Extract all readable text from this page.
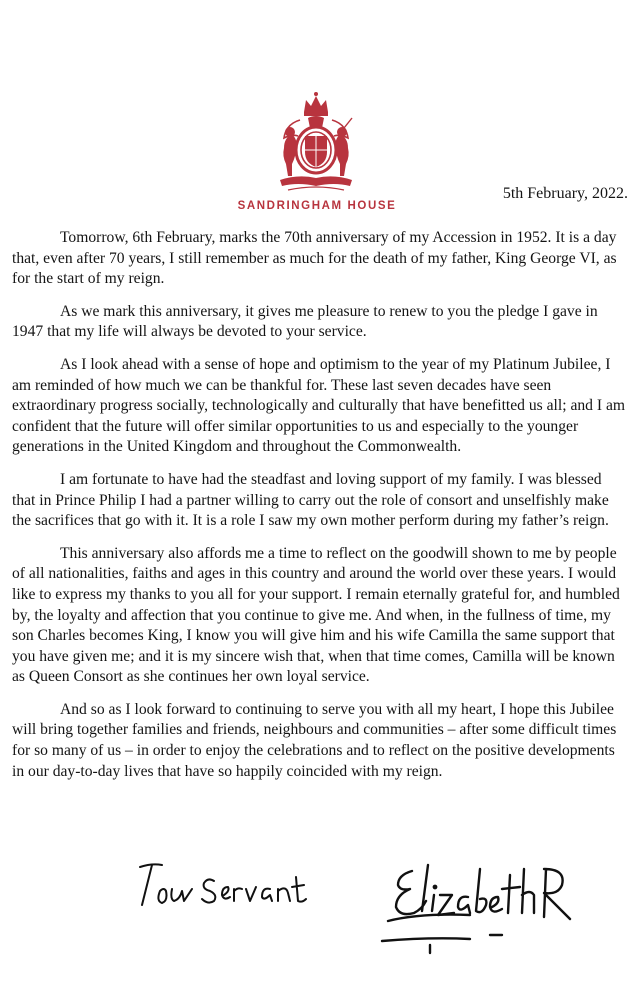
SANDRINGHAM HOUSE
5th February, 2022.

Tomorrow, 6th February, marks the 70th anniversary of my Accession in 1952. It is a day that, even after 70 years, I still remember as much for the death of my father, King George VI, as for the start of my reign.

As we mark this anniversary, it gives me pleasure to renew to you the pledge I gave in 1947 that my life will always be devoted to your service.

As I look ahead with a sense of hope and optimism to the year of my Platinum Jubilee, I am reminded of how much we can be thankful for. These last seven decades have seen extraordinary progress socially, technologically and culturally that have benefitted us all; and I am confident that the future will offer similar opportunities to us and especially to the younger generations in the United Kingdom and throughout the Commonwealth.

I am fortunate to have had the steadfast and loving support of my family. I was blessed that in Prince Philip I had a partner willing to carry out the role of consort and unselfishly make the sacrifices that go with it. It is a role I saw my own mother perform during my father’s reign.

This anniversary also affords me a time to reflect on the goodwill shown to me by people of all nationalities, faiths and ages in this country and around the world over these years. I would like to express my thanks to you all for your support. I remain eternally grateful for, and humbled by, the loyalty and affection that you continue to give me. And when, in the fullness of time, my son Charles becomes King, I know you will give him and his wife Camilla the same support that you have given me; and it is my sincere wish that, when that time comes, Camilla will be known as Queen Consort as she continues her own loyal service.

And so as I look forward to continuing to serve you with all my heart, I hope this Jubilee will bring together families and friends, neighbours and communities – after some difficult times for so many of us – in order to enjoy the celebrations and to reflect on the positive developments in our day-to-day lives that have so happily coincided with my reign.
